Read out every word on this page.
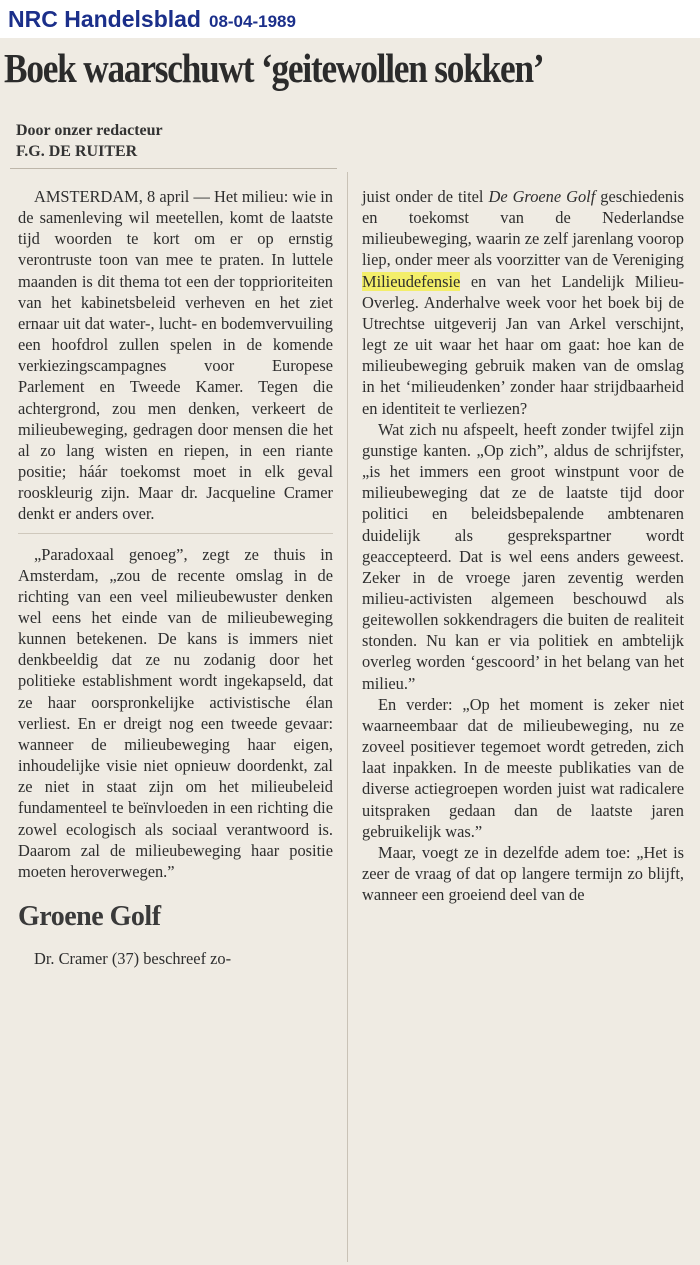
NRC Handelsblad 08-04-1989
Boek waarschuwt ‘geitewollen sokken’
Door onzer redacteur
F.G. DE RUITER

AMSTERDAM, 8 april — Het milieu: wie in de samenleving wil meetellen, komt de laatste tijd woorden te kort om er op ernstig verontruste toon van mee te praten. In luttele maanden is dit thema tot een der topprioriteiten van het kabinetsbeleid verheven en het ziet ernaar uit dat water-, lucht- en bodemvervuiling een hoofdrol zullen spelen in de komende verkiezingscampagnes voor Europese Parlement en Tweede Kamer. Tegen die achtergrond, zou men denken, verkeert de milieubeweging, gedragen door mensen die het al zo lang wisten en riepen, in een riante positie; háár toekomst moet in elk geval rooskleurig zijn. Maar dr. Jacqueline Cramer denkt er anders over.

„Paradoxaal genoeg”, zegt ze thuis in Amsterdam, „zou de recente omslag in de richting van een veel milieubewuster denken wel eens het einde van de milieubeweging kunnen betekenen. De kans is immers niet denkbeeldig dat ze nu zodanig door het politieke establishment wordt ingekapseld, dat ze haar oorspronkelijke activistische élan verliest. En er dreigt nog een tweede gevaar: wanneer de milieubeweging haar eigen, inhoudelijke visie niet opnieuw doordenkt, zal ze niet in staat zijn om het milieubeleid fundamenteel te beïnvloeden in een richting die zowel ecologisch als sociaal verantwoord is. Daarom zal de milieubeweging haar positie moeten heroverwegen.”

Groene Golf

Dr. Cramer (37) beschreef zo-

juist onder de titel De Groene Golf geschiedenis en toekomst van de Nederlandse milieubeweging, waarin ze zelf jarenlang voorop liep, onder meer als voorzitter van de Vereniging Milieudefensie en van het Landelijk Milieu-Overleg. Anderhalve week voor het boek bij de Utrechtse uitgeverij Jan van Arkel verschijnt, legt ze uit waar het haar om gaat: hoe kan de milieubeweging gebruik maken van de omslag in het ‘milieudenken’ zonder haar strijdbaarheid en identiteit te verliezen?

Wat zich nu afspeelt, heeft zonder twijfel zijn gunstige kanten. „Op zich”, aldus de schrijfster, „is het immers een groot winstpunt voor de milieubeweging dat ze de laatste tijd door politici en beleidsbepalende ambtenaren duidelijk als gesprekspartner wordt geaccepteerd. Dat is wel eens anders geweest. Zeker in de vroege jaren zeventig werden milieu-activisten algemeen beschouwd als geitewollen sokkendragers die buiten de realiteit stonden. Nu kan er via politiek en ambtelijk overleg worden ‘gescoord’ in het belang van het milieu.”

En verder: „Op het moment is zeker niet waarneembaar dat de milieubeweging, nu ze zoveel positiever tegemoet wordt getreden, zich laat inpakken. In de meeste publikaties van de diverse actiegroepen worden juist wat radicalere uitspraken gedaan dan de laatste jaren gebruikelijk was.”

Maar, voegt ze in dezelfde adem toe: „Het is zeer de vraag of dat op langere termijn zo blijft, wanneer een groeiend deel van de
